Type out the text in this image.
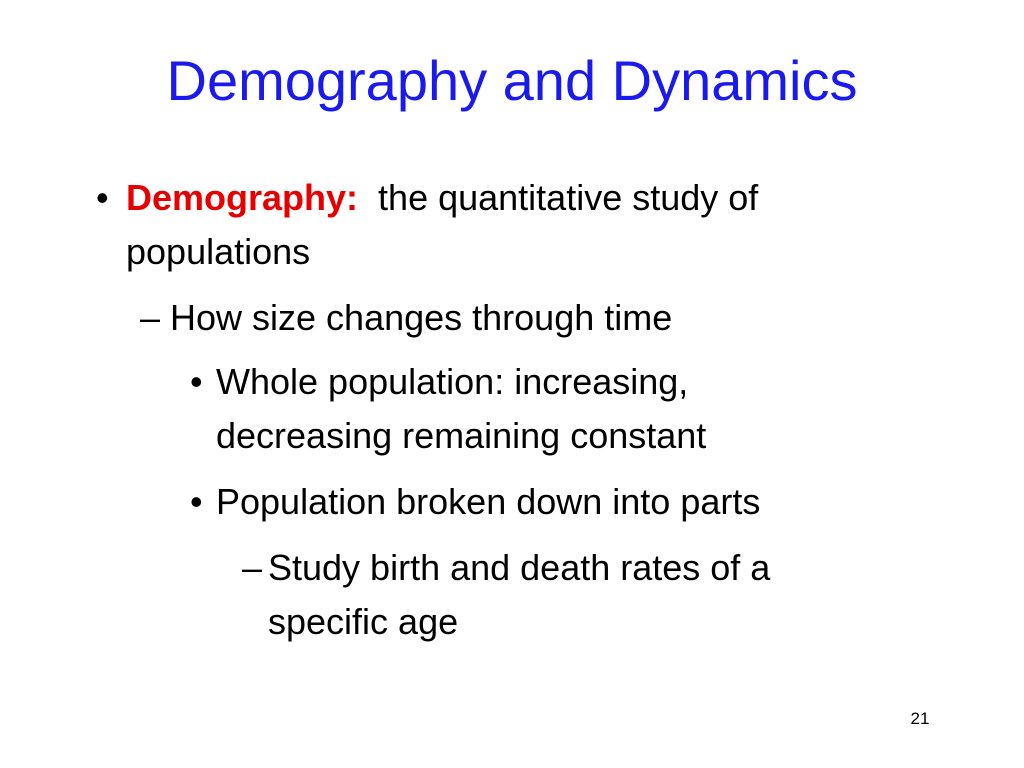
Demography and Dynamics
• Demography: the quantitative study of
populations
– How size changes through time
• Whole population: increasing,
decreasing remaining constant
• Population broken down into parts
– Study birth and death rates of a
specific age
21
